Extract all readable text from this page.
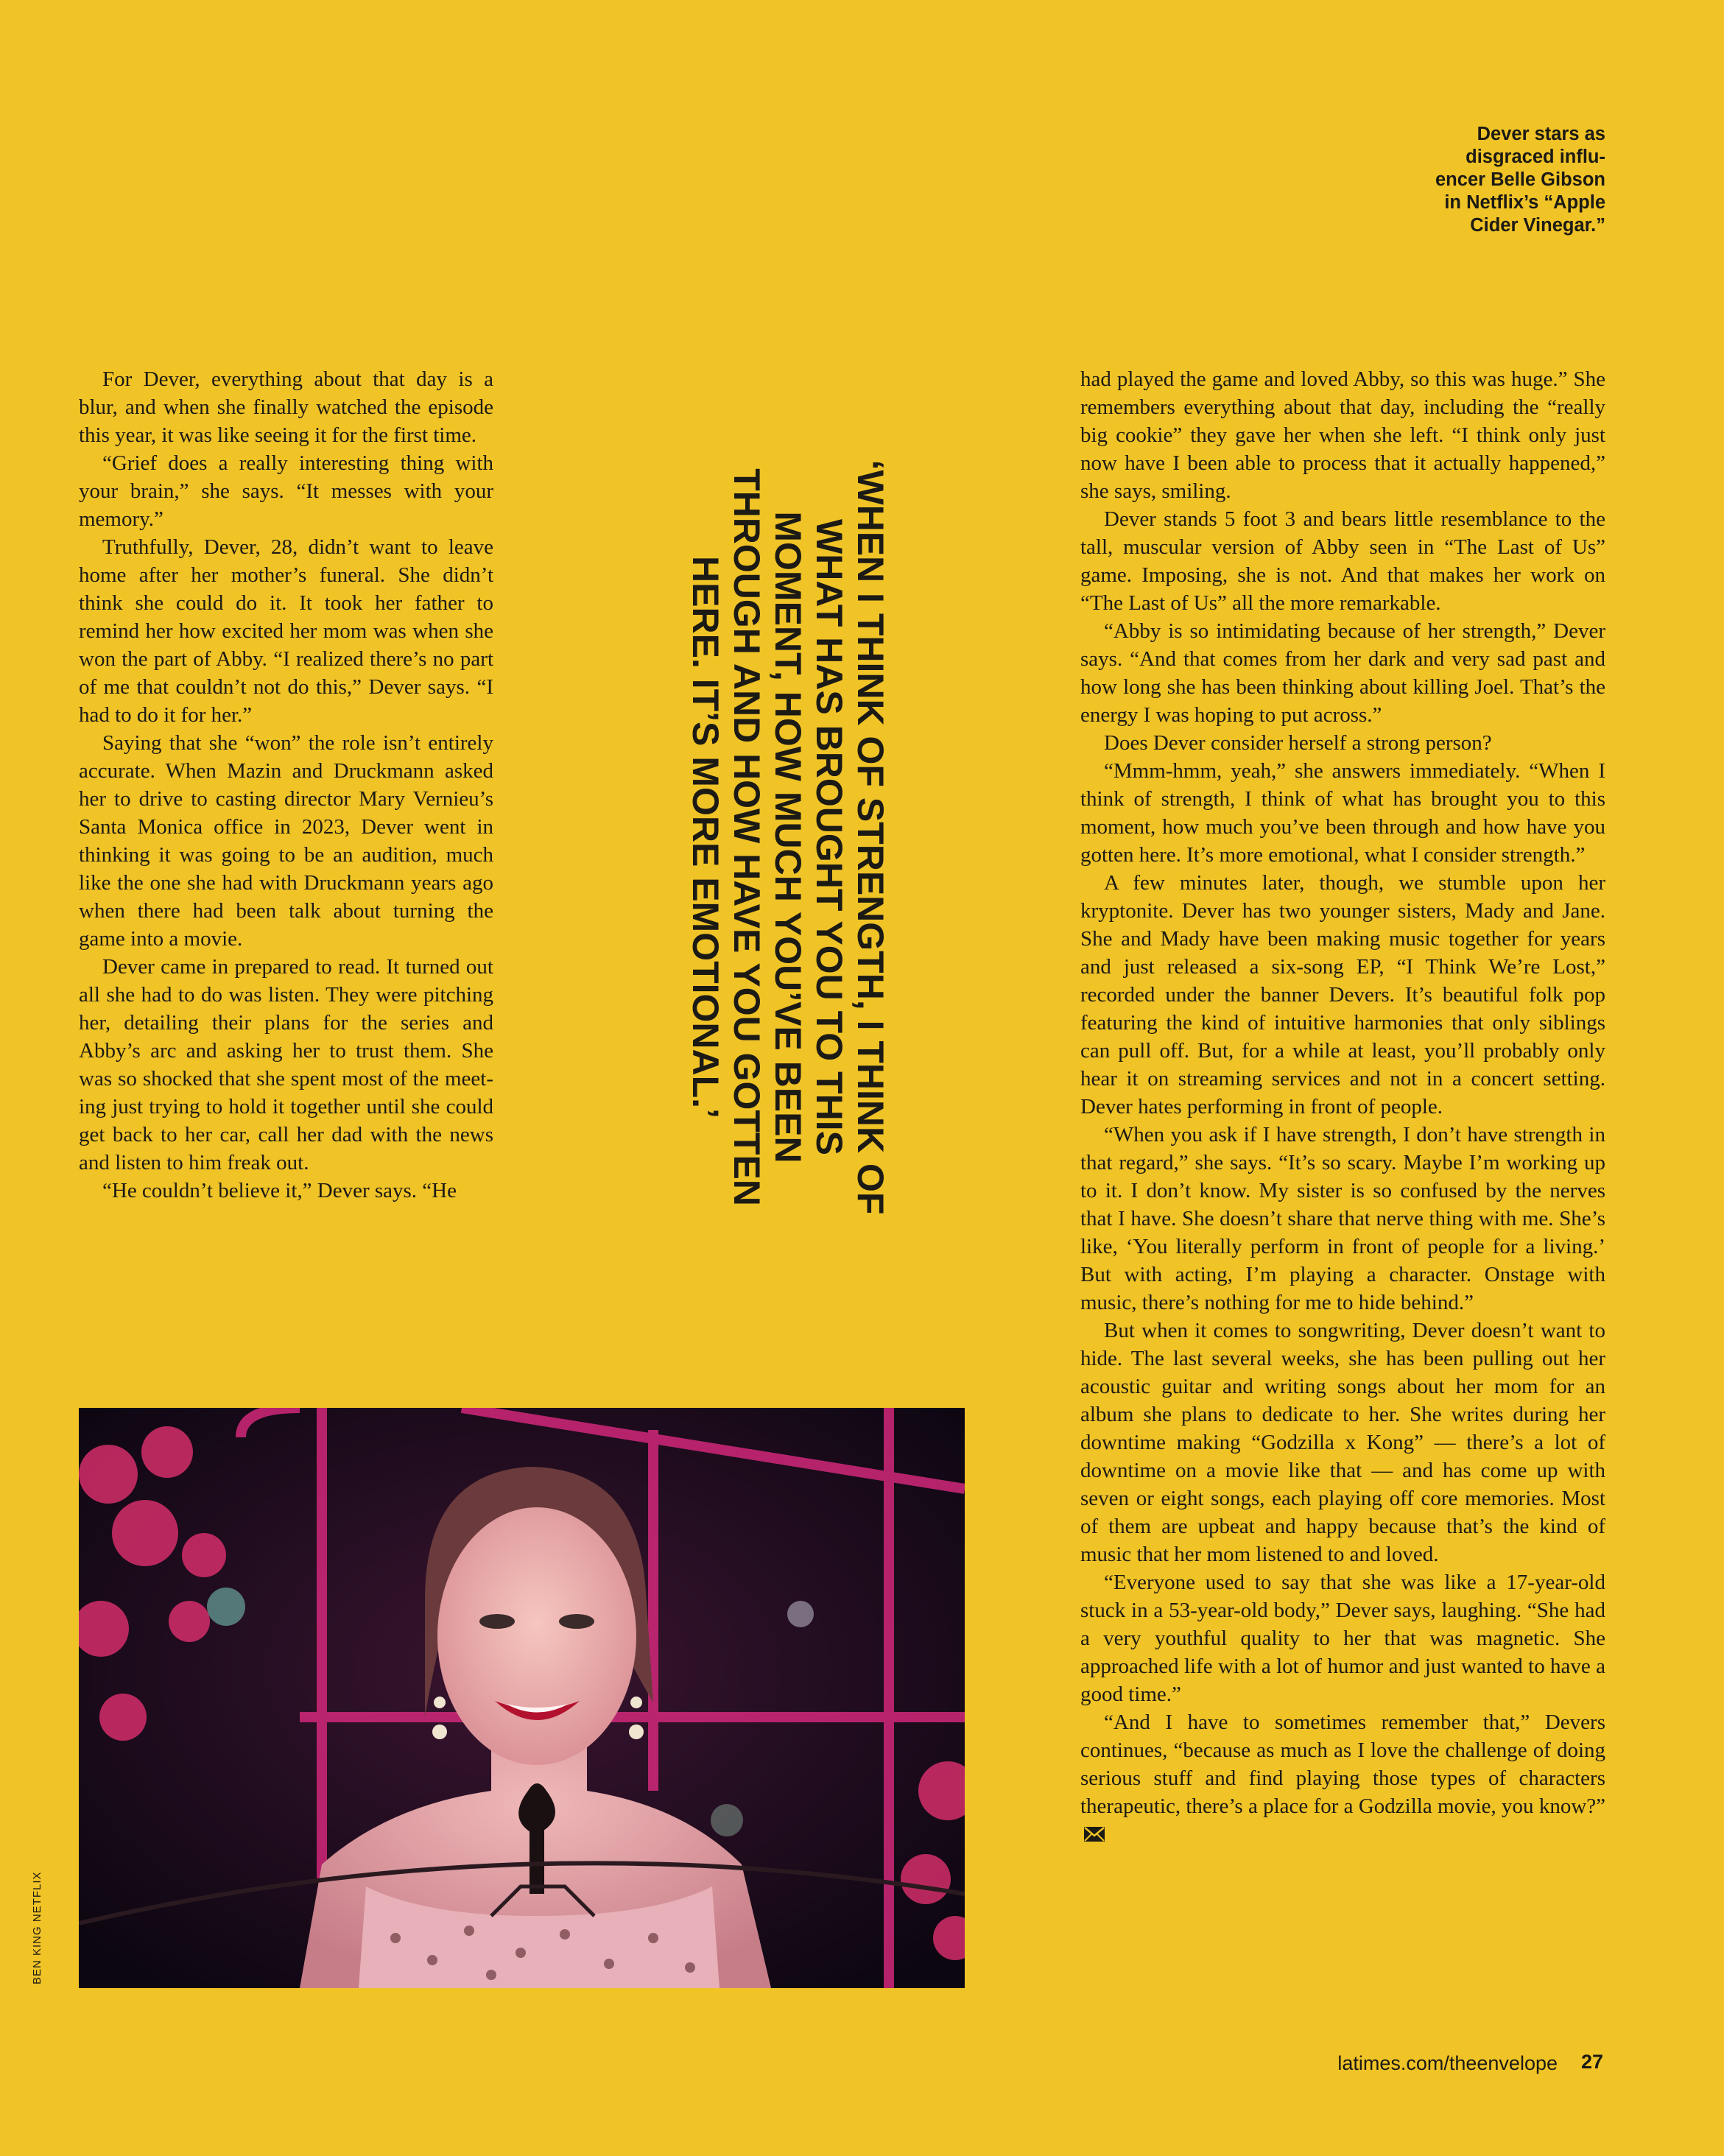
Dever stars as
disgraced influ-
encer Belle Gibson
in Netflix’s “Apple
Cider Vinegar.”

For Dever, everything about that day is a blur, and when she finally watched the episode this year, it was like seeing it for the first time.

“Grief does a really interesting thing with your brain,” she says. “It messes with your memory.”

Truthfully, Dever, 28, didn’t want to leave home after her mother’s funeral. She didn’t think she could do it. It took her father to remind her how excited her mom was when she won the part of Abby. “I realized there’s no part of me that couldn’t not do this,” Dever says. “I had to do it for her.”

Saying that she “won” the role isn’t entirely accurate. When Mazin and Druckmann asked her to drive to casting director Mary Vernieu’s Santa Monica office in 2023, Dever went in thinking it was going to be an audition, much like the one she had with Druckmann years ago when there had been talk about turning the game into a movie.

Dever came in prepared to read. It turned out all she had to do was listen. They were pitching her, detailing their plans for the series and Abby’s arc and asking her to trust them. She was so shocked that she spent most of the meeting just trying to hold it together until she could get back to her car, call her dad with the news and listen to him freak out.

“He couldn’t believe it,” Dever says. “He	‘WHEN I THINK OF STRENGTH, I THINK OF WHAT HAS BROUGHT YOU TO THIS MOMENT, HOW MUCH YOU’VE BEEN THROUGH AND HOW HAVE YOU GOTTEN HERE. IT’S MORE EMOTIONAL.’

had played the game and loved Abby, so this was huge.” She remembers everything about that day, including the “really big cookie” they gave her when she left. “I think only just now have I been able to process that it actually happened,” she says, smiling.

Dever stands 5 foot 3 and bears little resemblance to the tall, muscular version of Abby seen in “The Last of Us” game. Imposing, she is not. And that makes her work on “The Last of Us” all the more remarkable.

“Abby is so intimidating because of her strength,” Dever says. “And that comes from her dark and very sad past and how long she has been thinking about killing Joel. That’s the energy I was hoping to put across.”

Does Dever consider herself a strong person?

“Mmm-hmm, yeah,” she answers immediately. “When I think of strength, I think of what has brought you to this moment, how much you’ve been through and how have you gotten here. It’s more emotional, what I consider strength.”

A few minutes later, though, we stumble upon her kryptonite. Dever has two younger sisters, Mady and Jane. She and Mady have been making music together for years and just released a six-song EP, “I Think We’re Lost,” recorded under the banner Devers. It’s beautiful folk pop featuring the kind of intuitive harmonies that only siblings can pull off. But, for a while at least, you’ll probably only hear it on streaming services and not in a concert setting. Dever hates performing in front of people.

“When you ask if I have strength, I don’t have strength in that regard,” she says. “It’s so scary. Maybe I’m working up to it. I don’t know. My sister is so confused by the nerves that I have. She doesn’t share that nerve thing with me. She’s like, ‘You literally perform in front of people for a living.’ But with acting, I’m playing a character. Onstage with music, there’s nothing for me to hide behind.”

But when it comes to songwriting, Dever doesn’t want to hide. The last several weeks, she has been pulling out her acoustic guitar and writing songs about her mom for an album she plans to dedicate to her. She writes during her downtime making “Godzilla x Kong” — there’s a lot of downtime on a movie like that — and has come up with seven or eight songs, each playing off core memories. Most of them are upbeat and happy because that’s the kind of music that her mom listened to and loved.

“Everyone used to say that she was like a 17-year-old stuck in a 53-year-old body,” Dever says, laughing. “She had a very youthful quality to her that was magnetic. She approached life with a lot of humor and just wanted to have a good time.”

“And I have to sometimes remember that,” Devers continues, “because as much as I love the challenge of doing serious stuff and find playing those types of characters therapeutic, there’s a place for a Godzilla movie, you know?”

BEN KING NETFLIX
latimes.com/theenvelope 27
